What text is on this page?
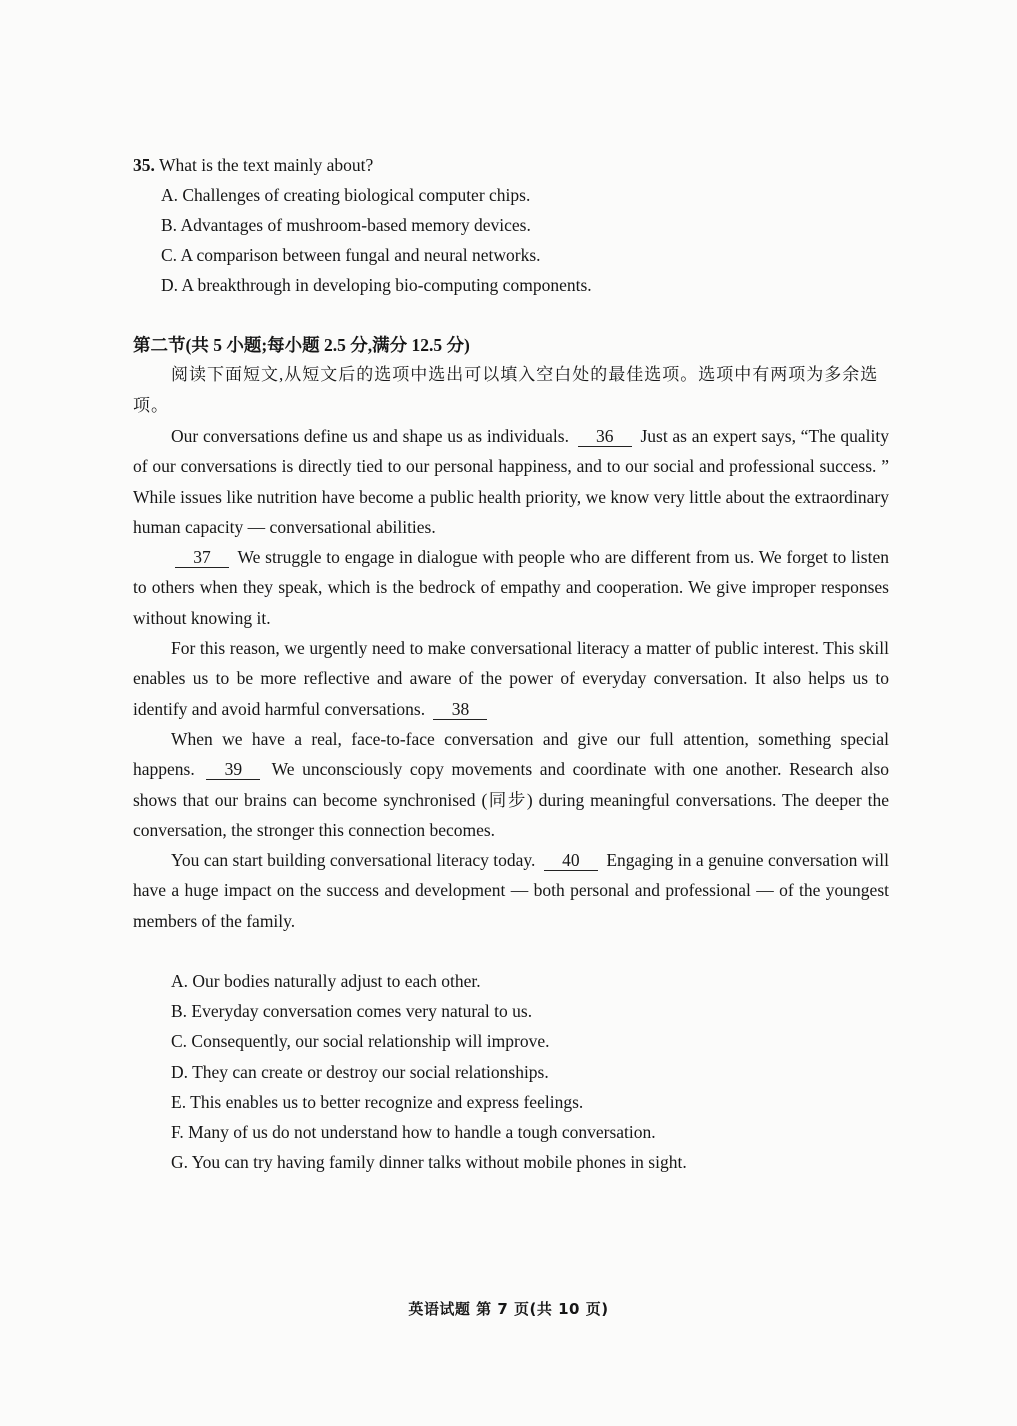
35. What is the text mainly about?

A. Challenges of creating biological computer chips.
B. Advantages of mushroom-based memory devices.
C. A comparison between fungal and neural networks.
D. A breakthrough in developing bio-computing components.
第二节(共 5 小题;每小题 2.5 分,满分 12.5 分)

阅读下面短文,从短文后的选项中选出可以填入空白处的最佳选项。选项中有两项为多余选项。

Our conversations define us and shape us as individuals. 36 Just as an expert says, “The quality of our conversations is directly tied to our personal happiness, and to our social and professional success. ” While issues like nutrition have become a public health priority, we know very little about the extraordinary human capacity — conversational abilities.

37 We struggle to engage in dialogue with people who are different from us. We forget to listen to others when they speak, which is the bedrock of empathy and cooperation. We give improper responses without knowing it.

For this reason, we urgently need to make conversational literacy a matter of public interest. This skill enables us to be more reflective and aware of the power of everyday conversation. It also helps us to identify and avoid harmful conversations. 38

When we have a real, face-to-face conversation and give our full attention, something special happens. 39 We unconsciously copy movements and coordinate with one another. Research also shows that our brains can become synchronised (同步) during meaningful conversations. The deeper the conversation, the stronger this connection becomes.

You can start building conversational literacy today. 40 Engaging in a genuine conversation will have a huge impact on the success and development — both personal and professional — of the youngest members of the family.

A. Our bodies naturally adjust to each other.
B. Everyday conversation comes very natural to us.
C. Consequently, our social relationship will improve.
D. They can create or destroy our social relationships.
E. This enables us to better recognize and express feelings.
F. Many of us do not understand how to handle a tough conversation.
G. You can try having family dinner talks without mobile phones in sight.
英语试题 第 7 页(共 10 页)
